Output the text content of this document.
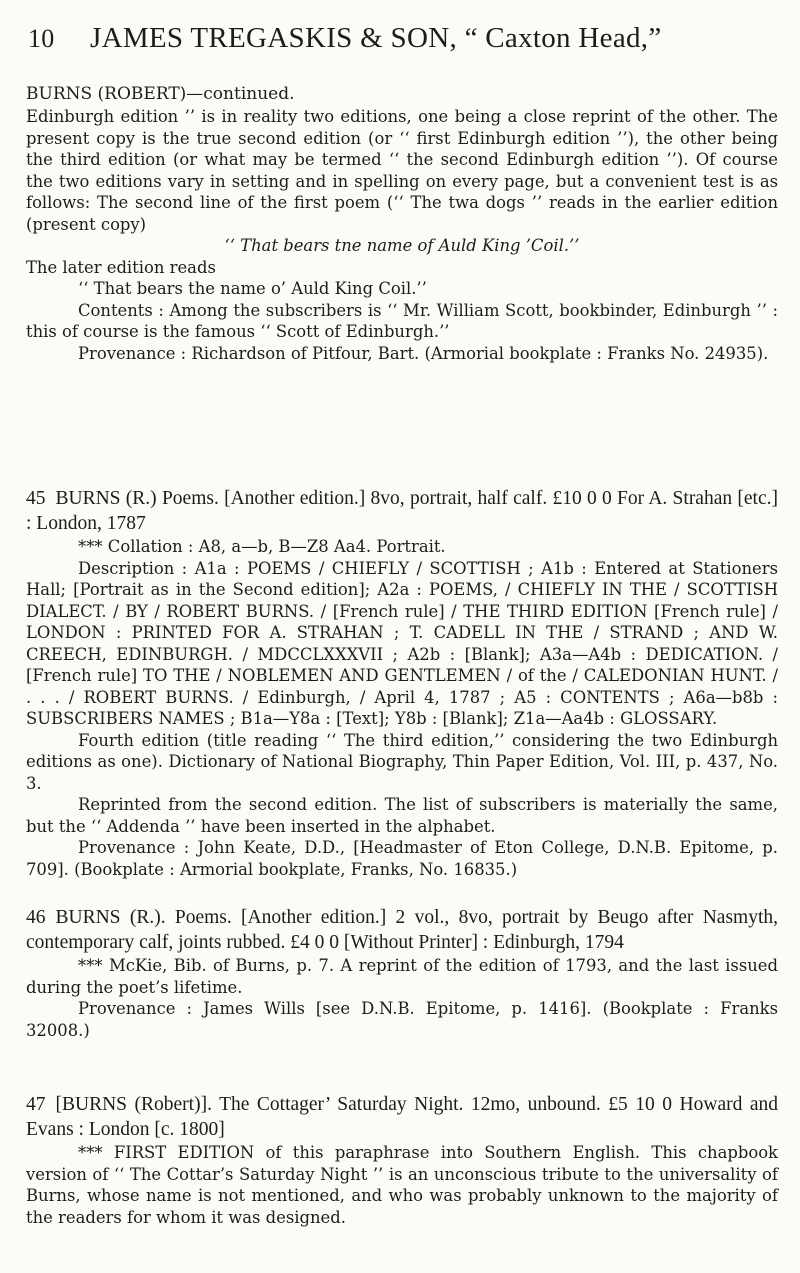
10 JAMES TREGASKIS & SON, “ Caxton Head,”
BURNS (ROBERT)—continued.

Edinburgh edition ’’ is in reality two editions, one being a close reprint of the other. The present copy is the true second edition (or ‘‘ first Edinburgh edition ’’), the other being the third edition (or what may be termed ‘‘ the second Edinburgh edition ’’). Of course the two editions vary in setting and in spelling on every page, but a convenient test is as follows: The second line of the first poem (‘‘ The twa dogs ’’ reads in the earlier edition (present copy)

‘‘ That bears tne name of Auld King ’Coil.’’

The later edition reads

‘‘ That bears the name o’ Auld King Coil.’’

Contents : Among the subscribers is ‘‘ Mr. William Scott, bookbinder, Edinburgh ’’ : this of course is the famous ‘‘ Scott of Edinburgh.’’

Provenance : Richardson of Pitfour, Bart. (Armorial bookplate : Franks No. 24935).

45 BURNS (R.) Poems. [Another edition.] 8vo, portrait, half calf. £10 0 0 For A. Strahan [etc.] : London, 1787

*** Collation : A8, a—b, B—Z8 Aa4. Portrait.

Description : A1a : POEMS / CHIEFLY / SCOTTISH ; A1b : Entered at Stationers Hall; [Portrait as in the Second edition]; A2a : POEMS, / CHIEFLY IN THE / SCOTTISH DIALECT. / BY / ROBERT BURNS. / [French rule] / THE THIRD EDITION [French rule] / LONDON : PRINTED FOR A. STRAHAN ; T. CADELL IN THE / STRAND ; AND W. CREECH, EDINBURGH. / MDCCLXXXVII ; A2b : [Blank]; A3a—A4b : DEDICATION. / [French rule] TO THE / NOBLEMEN AND GENTLEMEN / of the / CALEDONIAN HUNT. / . . . / ROBERT BURNS. / Edinburgh, / April 4, 1787 ; A5 : CONTENTS ; A6a—b8b : SUBSCRIBERS NAMES ; B1a—Y8a : [Text]; Y8b : [Blank]; Z1a—Aa4b : GLOSSARY.

Fourth edition (title reading ‘‘ The third edition,’’ considering the two Edinburgh editions as one). Dictionary of National Biography, Thin Paper Edition, Vol. III, p. 437, No. 3.

Reprinted from the second edition. The list of subscribers is materially the same, but the ‘‘ Addenda ’’ have been inserted in the alphabet.

Provenance : John Keate, D.D., [Headmaster of Eton College, D.N.B. Epitome, p. 709]. (Bookplate : Armorial bookplate, Franks, No. 16835.)

46 BURNS (R.). Poems. [Another edition.] 2 vol., 8vo, portrait by Beugo after Nasmyth, contemporary calf, joints rubbed. £4 0 0 [Without Printer] : Edinburgh, 1794

*** McKie, Bib. of Burns, p. 7. A reprint of the edition of 1793, and the last issued during the poet’s lifetime.

Provenance : James Wills [see D.N.B. Epitome, p. 1416]. (Bookplate : Franks 32008.)

47 [BURNS (Robert)]. The Cottager’ Saturday Night. 12mo, unbound. £5 10 0 Howard and Evans : London [c. 1800]

*** FIRST EDITION of this paraphrase into Southern English. This chapbook version of ‘‘ The Cottar’s Saturday Night ’’ is an unconscious tribute to the universality of Burns, whose name is not mentioned, and who was probably unknown to the majority of the readers for whom it was designed.
